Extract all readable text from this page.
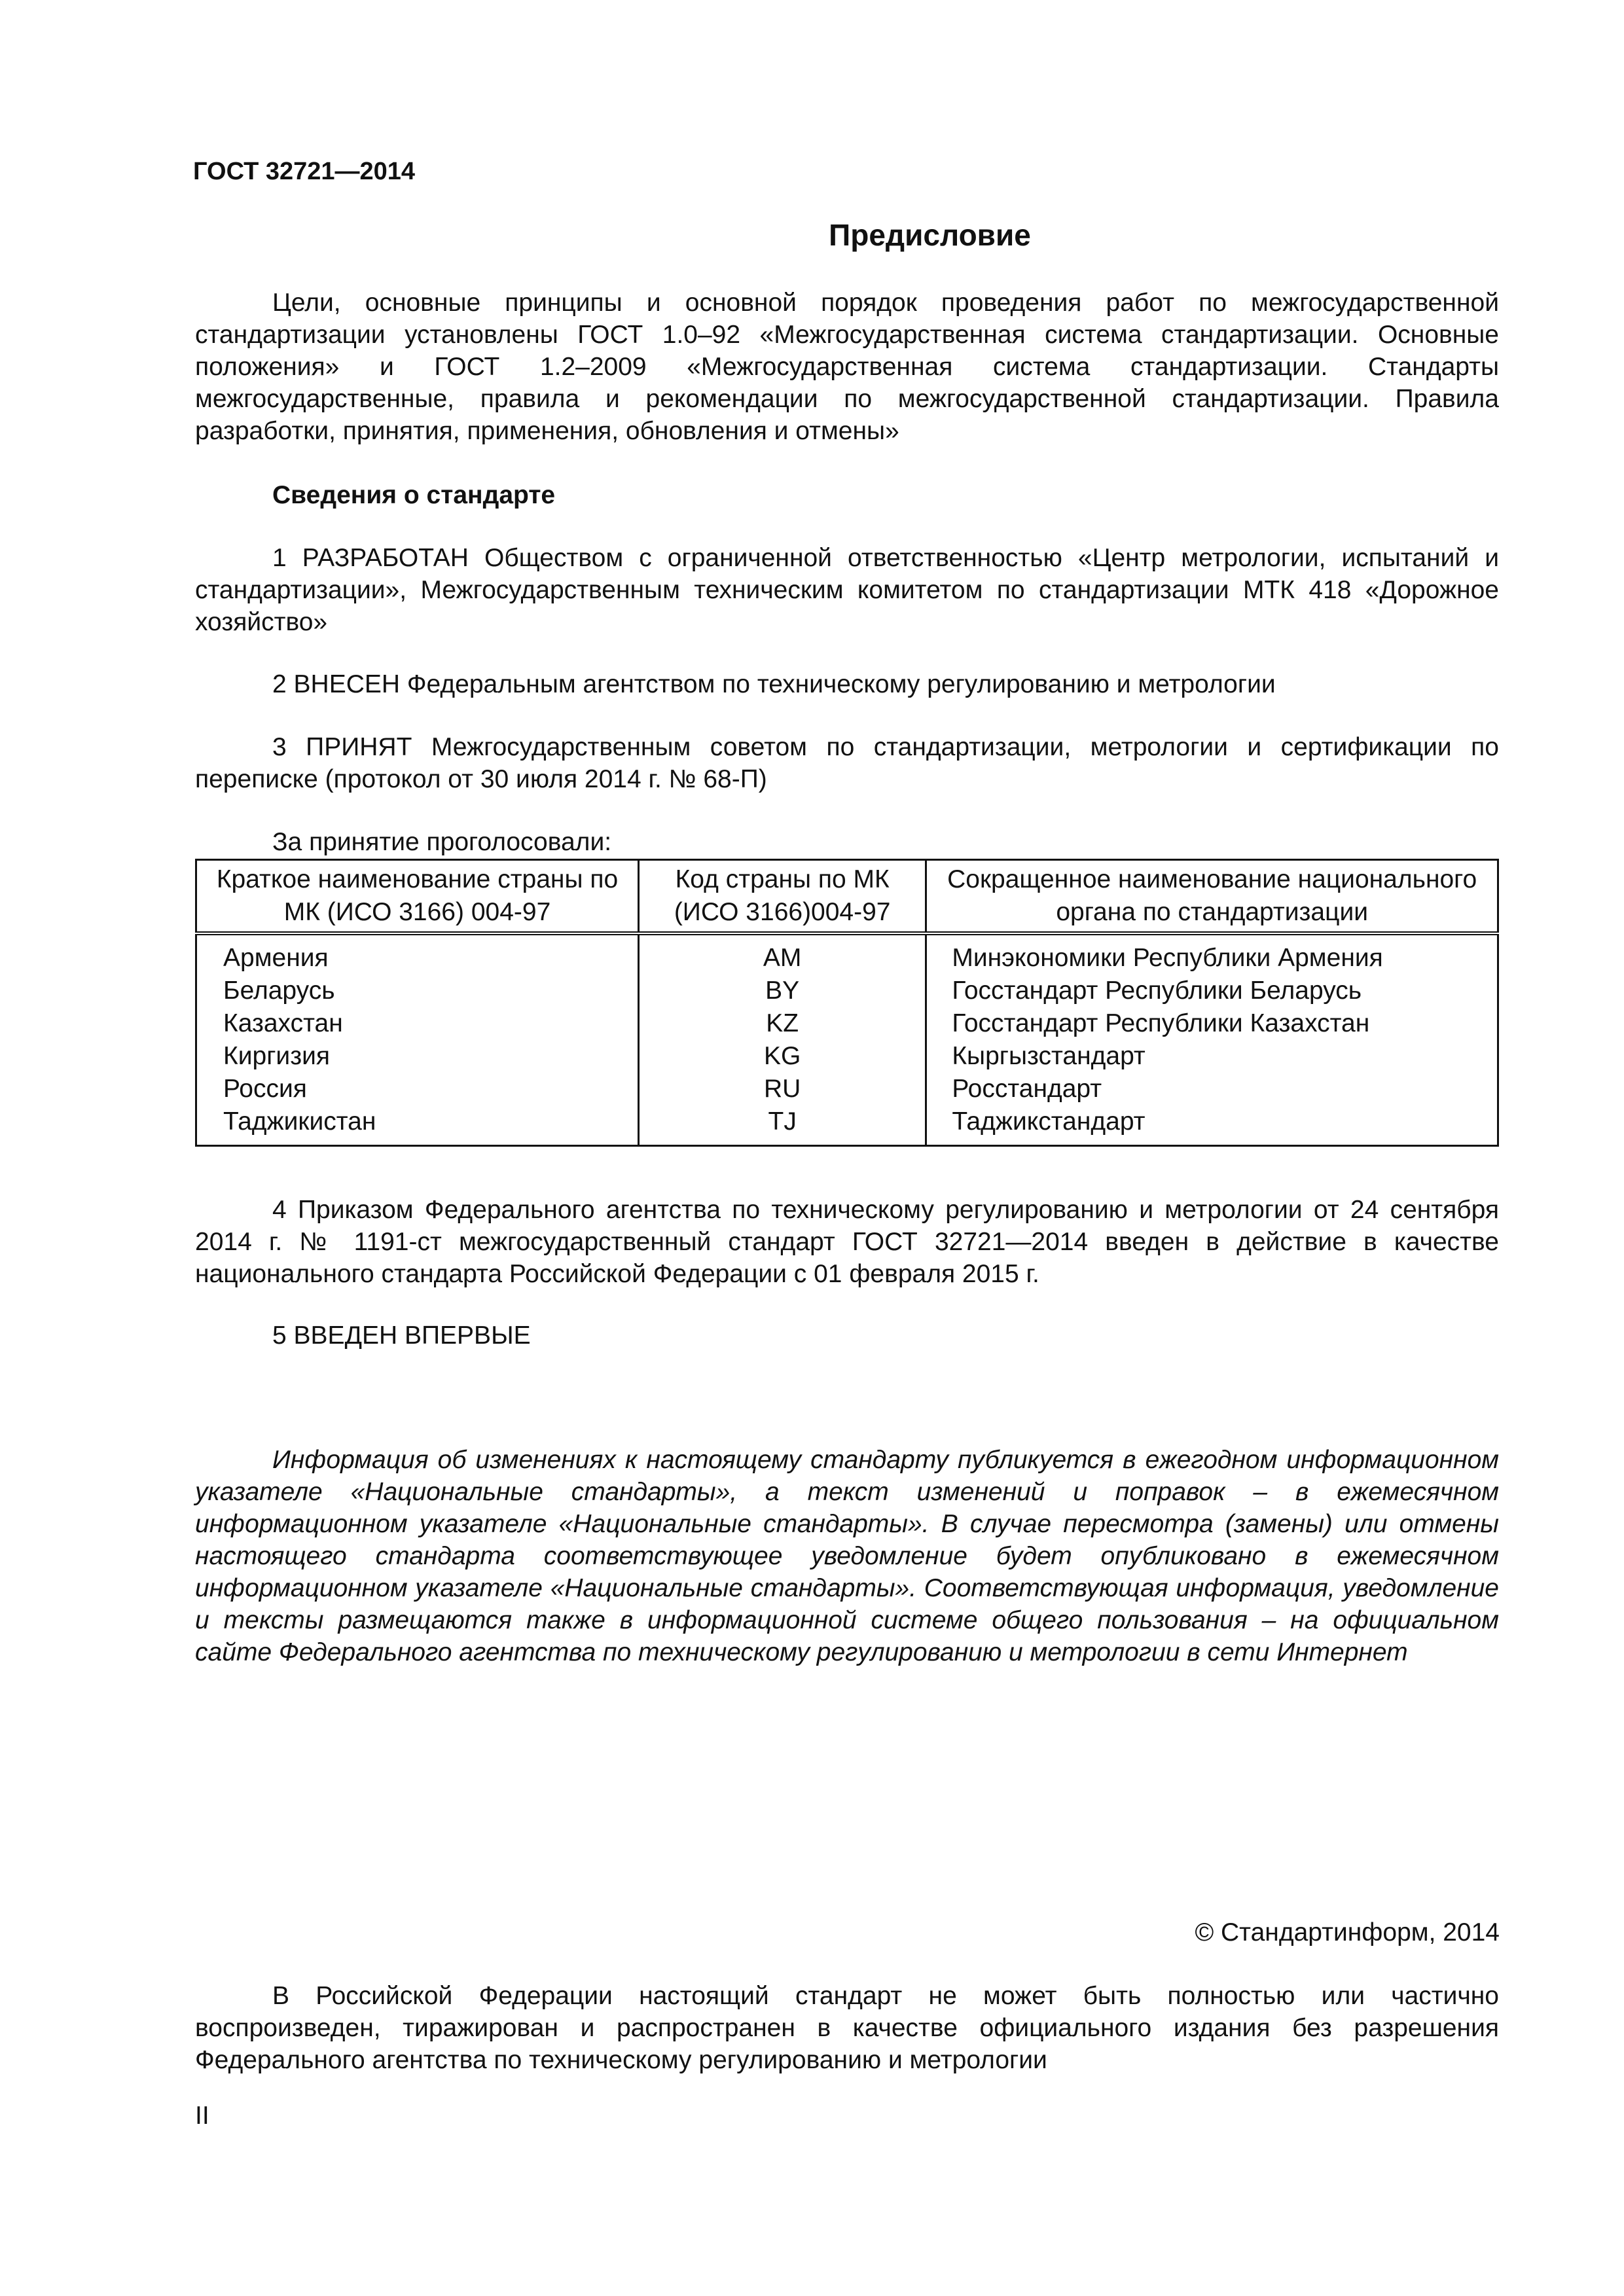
ГОСТ 32721—2014
Предисловие
Цели, основные принципы и основной порядок проведения работ по межгосударственной стандартизации установлены ГОСТ 1.0–92 «Межгосударственная система стандартизации. Основные положения» и ГОСТ 1.2–2009 «Межгосударственная система стандартизации. Стандарты межгосударственные, правила и рекомендации по межгосударственной стандартизации. Правила разработки, принятия, применения, обновления и отмены»
Сведения о стандарте
1 РАЗРАБОТАН Обществом с ограниченной ответственностью «Центр метрологии, испытаний и стандартизации», Межгосударственным техническим комитетом по стандартизации МТК 418 «Дорожное хозяйство»
2 ВНЕСЕН Федеральным агентством по техническому регулированию и метрологии
3 ПРИНЯТ Межгосударственным советом по стандартизации, метрологии и сертификации по переписке (протокол от 30 июля 2014 г. № 68-П)
За принятие проголосовали:
Краткое наименование страны по МК (ИСО 3166) 004-97	Код страны по МК (ИСО 3166)004-97	Сокращенное наименование национального органа по стандартизации
Армения	AM	Минэкономики Республики Армения
Беларусь	BY	Госстандарт Республики Беларусь
Казахстан	KZ	Госстандарт Республики Казахстан
Киргизия	KG	Кыргызстандарт
Россия	RU	Росстандарт
Таджикистан	TJ	Таджикстандарт
4 Приказом Федерального агентства по техническому регулированию и метрологии от 24 сентября 2014 г. № 1191-ст межгосударственный стандарт ГОСТ 32721—2014 введен в действие в качестве национального стандарта Российской Федерации с 01 февраля 2015 г.
5 ВВЕДЕН ВПЕРВЫЕ
Информация об изменениях к настоящему стандарту публикуется в ежегодном информационном указателе «Национальные стандарты», а текст изменений и поправок – в ежемесячном информационном указателе «Национальные стандарты». В случае пересмотра (замены) или отмены настоящего стандарта соответствующее уведомление будет опубликовано в ежемесячном информационном указателе «Национальные стандарты». Соответствующая информация, уведомление и тексты размещаются также в информационной системе общего пользования – на официальном сайте Федерального агентства по техническому регулированию и метрологии в сети Интернет
© Стандартинформ, 2014
В Российской Федерации настоящий стандарт не может быть полностью или частично воспроизведен, тиражирован и распространен в качестве официального издания без разрешения Федерального агентства по техническому регулированию и метрологии
II
